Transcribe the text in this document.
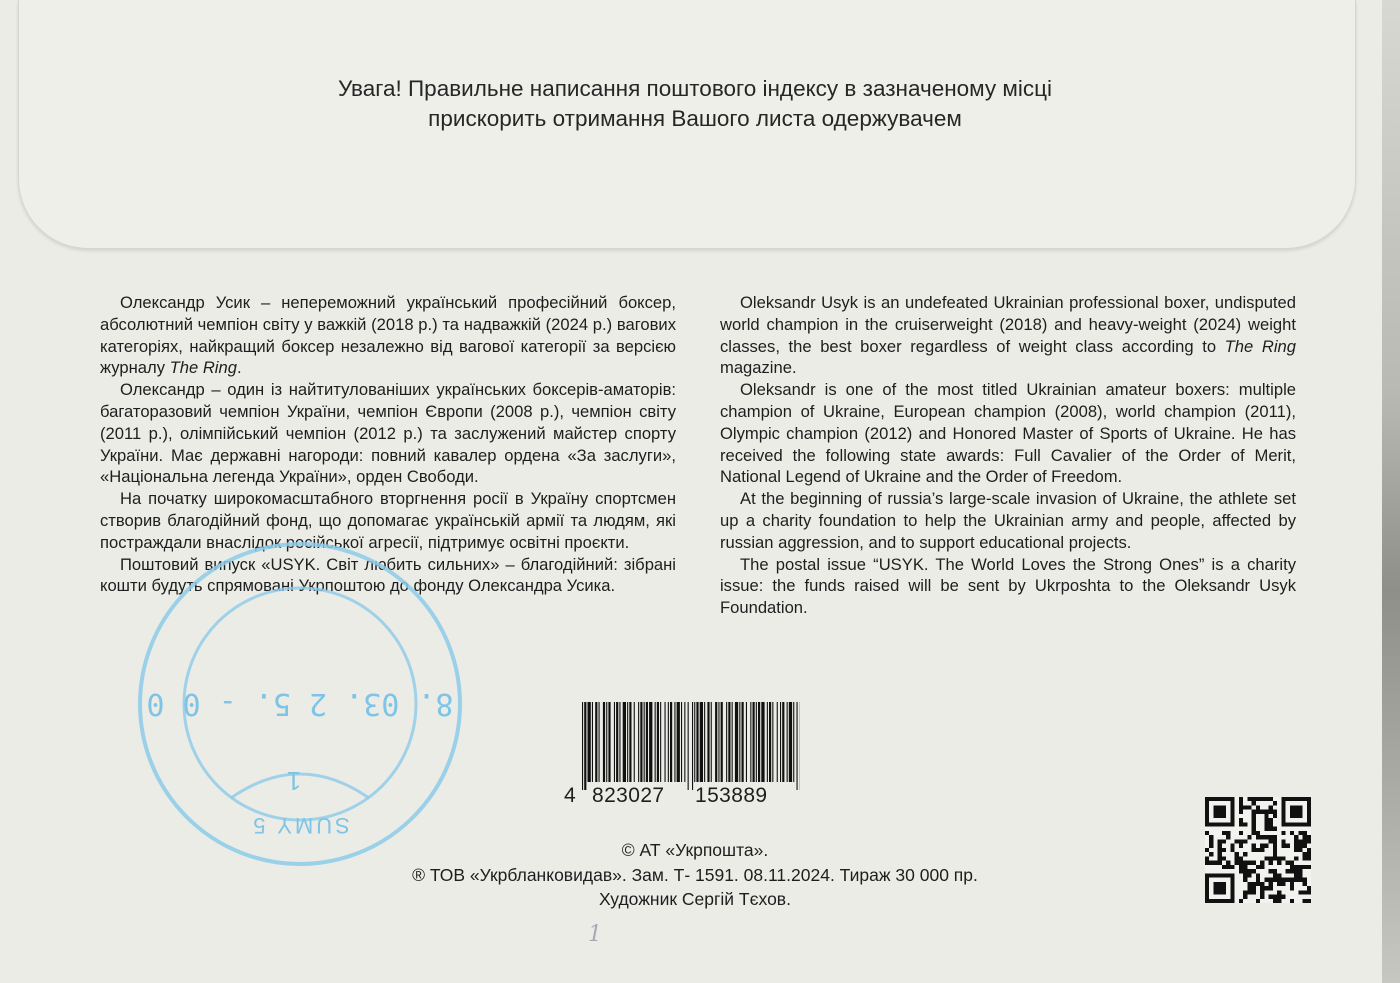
Увага! Правильне написання поштового індексу в зазначеному місці
прискорить отримання Вашого листа одержувачем

Олександр Усик – непереможний український професійний боксер, абсолютний чемпіон світу у важкій (2018 р.) та надважкій (2024 р.) вагових категоріях, найкращий боксер незалежно від вагової категорії за версією журналу The Ring.

Олександр – один із найтитулованіших українських боксерів-аматорів: багаторазовий чемпіон України, чемпіон Європи (2008 р.), чемпіон світу (2011 р.), олімпійський чемпіон (2012 р.) та заслужений майстер спорту України. Має державні нагороди: повний кавалер ордена «За заслуги», «Національна легенда України», орден Свободи.

На початку широкомасштабного вторгнення росії в Україну спортсмен створив благодійний фонд, що допомагає українській армії та людям, які постраждали внаслідок російської агресії, підтримує освітні проєкти.

Поштовий випуск «USYK. Світ любить сильних» – благодійний: зібрані кошти будуть спрямовані Укрпоштою до фонду Олександра Усика.

Oleksandr Usyk is an undefeated Ukrainian professional boxer, undisputed world champion in the cruiserweight (2018) and heavy-weight (2024) weight classes, the best boxer regardless of weight class according to The Ring magazine.

Oleksandr is one of the most titled Ukrainian amateur boxers: multiple champion of Ukraine, European champion (2008), world champion (2011), Olympic champion (2012) and Honored Master of Sports of Ukraine. He has received the following state awards: Full Cavalier of the Order of Merit, National Legend of Ukraine and the Order of Freedom.

At the beginning of russia’s large-scale invasion of Ukraine, the athlete set up a charity foundation to help the Ukrainian army and people, affected by russian aggression, and to support educational projects.

The postal issue “USYK. The World Loves the Strong Ones” is a charity issue: the funds raised will be sent by Ukrposhta to the Oleksandr Usyk Foundation.

8. 03. 2 5. - 0 0
1
SUMY 5
4 823027 153889
© АТ «Укрпошта».
® ТОВ «Укрбланковидав». Зам. Т- 1591. 08.11.2024. Тираж 30 000 пр.
Художник Сергій Тєхов.
1
